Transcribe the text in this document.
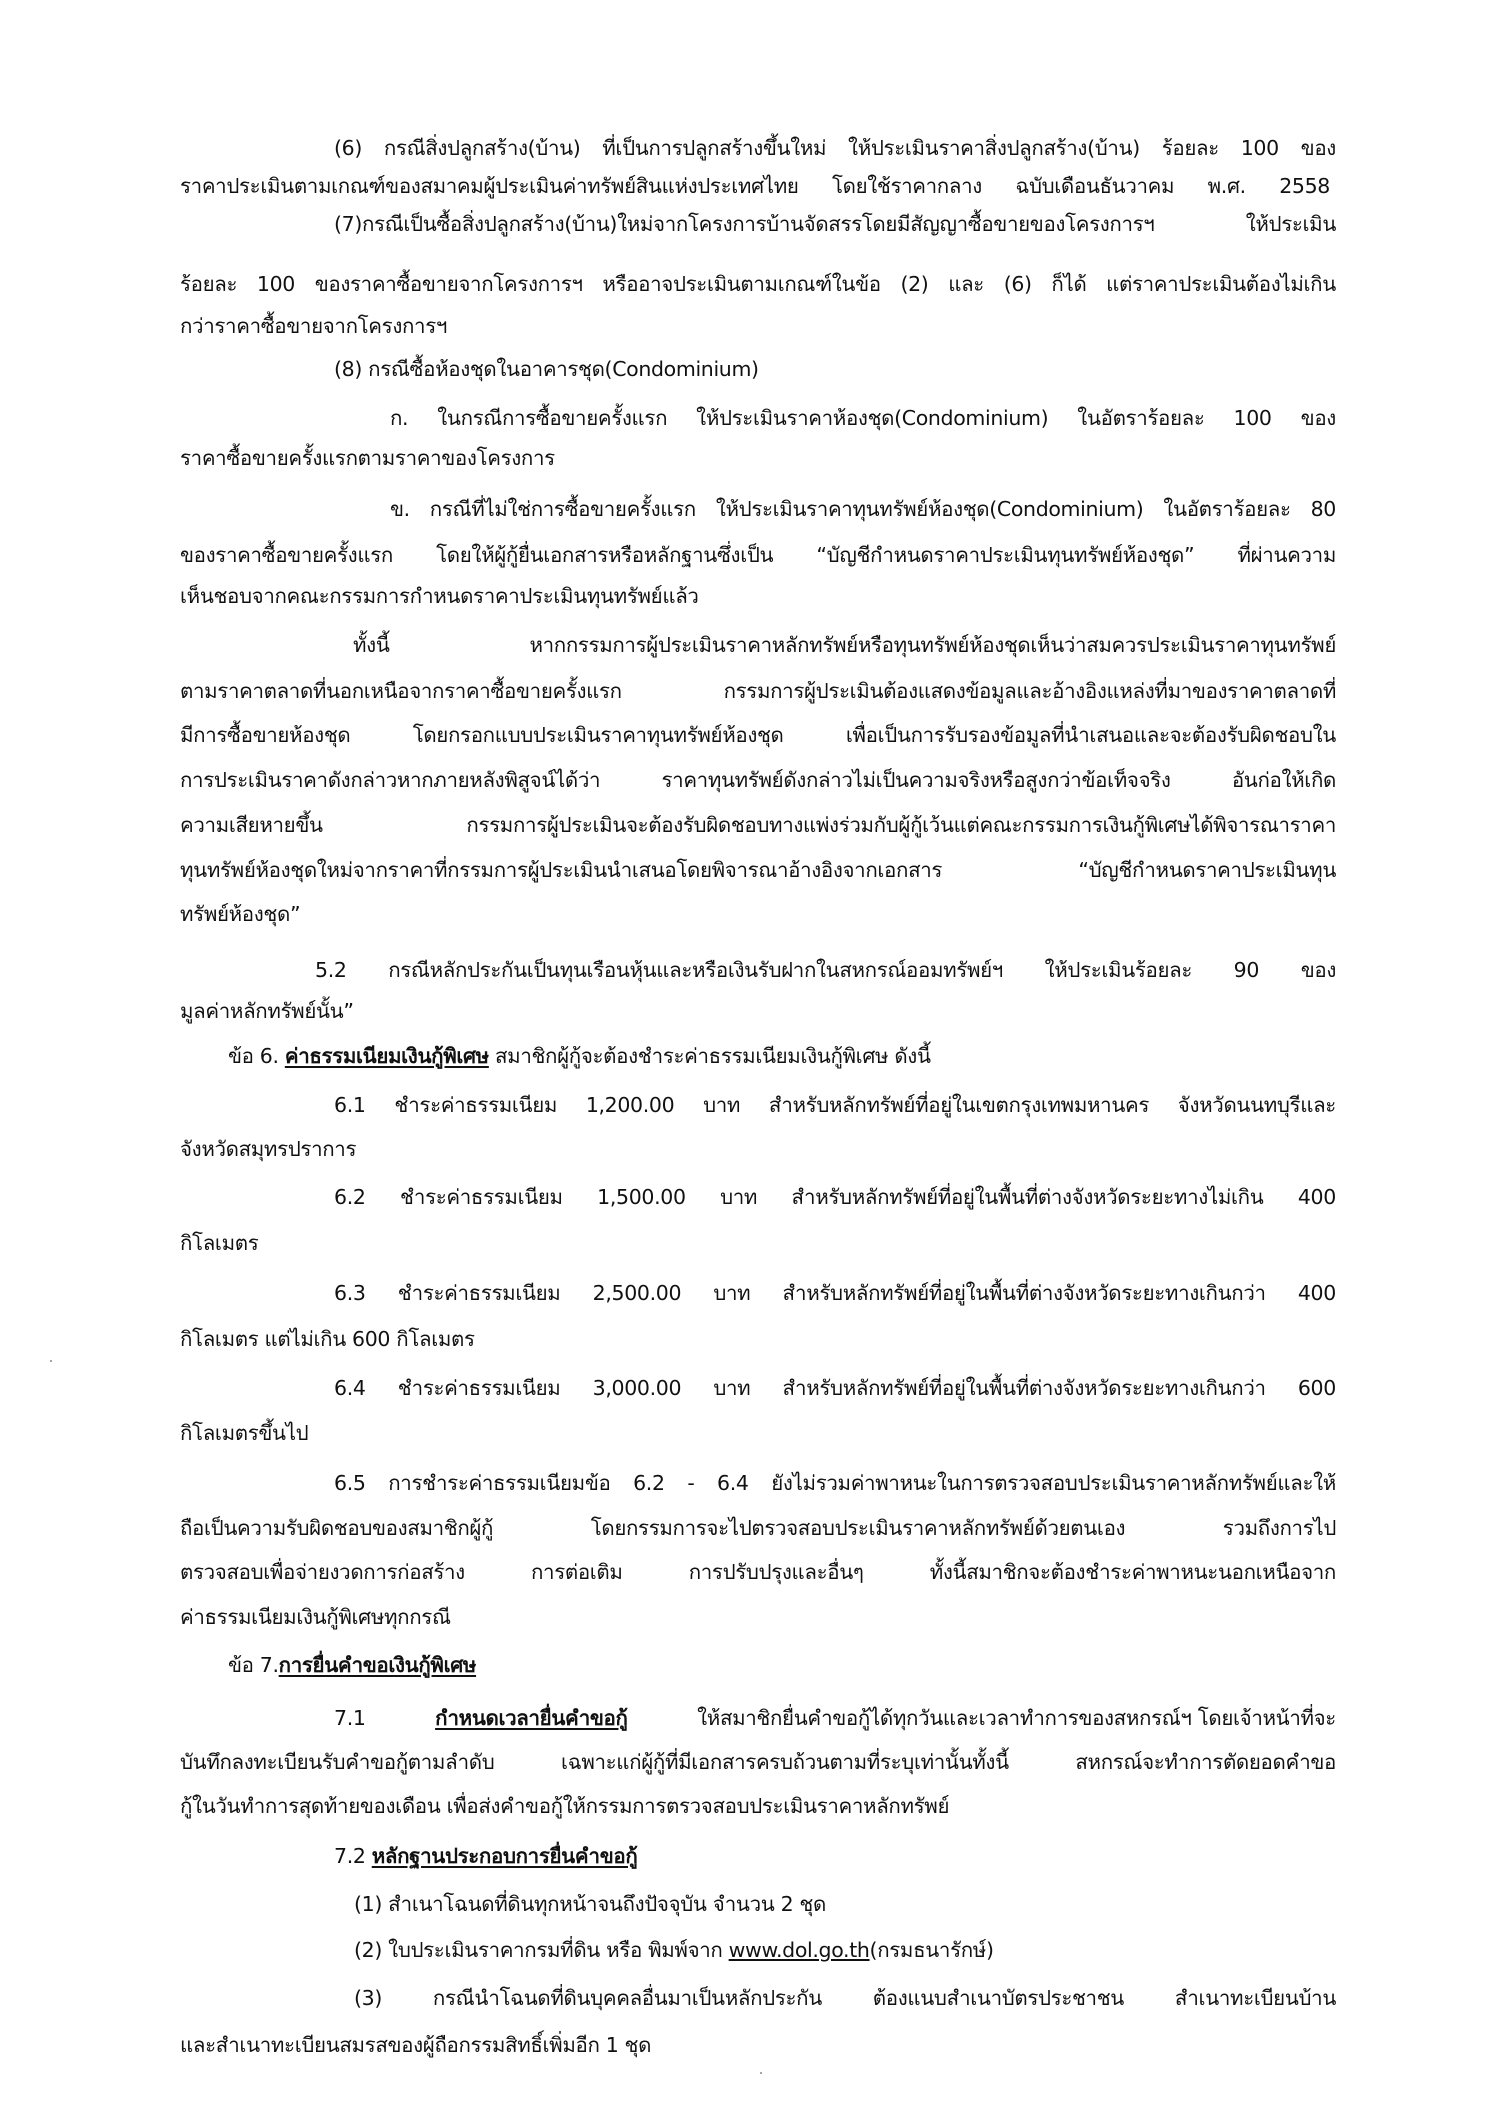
(6) กรณีสิ่งปลูกสร้าง(บ้าน) ที่เป็นการปลูกสร้างขึ้นใหม่ ให้ประเมินราคาสิ่งปลูกสร้าง(บ้าน) ร้อยละ 100 ของ
ราคาประเมินตามเกณฑ์ของสมาคมผู้ประเมินค่าทรัพย์สินแห่งประเทศไทย โดยใช้ราคากลาง ฉบับเดือนธันวาคม พ.ศ. 2558
(7)กรณีเป็นซื้อสิ่งปลูกสร้าง(บ้าน)ใหม่จากโครงการบ้านจัดสรรโดยมีสัญญาซื้อขายของโครงการฯ	ให้ประเมิน
ร้อยละ 100 ของราคาซื้อขายจากโครงการฯ หรืออาจประเมินตามเกณฑ์ในข้อ (2) และ (6) ก็ได้ แต่ราคาประเมินต้องไม่เกิน
กว่าราคาซื้อขายจากโครงการฯ
(8) กรณีซื้อห้องชุดในอาคารชุด(Condominium)
ก. ในกรณีการซื้อขายครั้งแรก ให้ประเมินราคาห้องชุด(Condominium) ในอัตราร้อยละ 100 ของ
ราคาซื้อขายครั้งแรกตามราคาของโครงการ
ข. กรณีที่ไม่ใช่การซื้อขายครั้งแรก ให้ประเมินราคาทุนทรัพย์ห้องชุด(Condominium) ในอัตราร้อยละ 80
ของราคาซื้อขายครั้งแรก โดยให้ผู้กู้ยื่นเอกสารหรือหลักฐานซึ่งเป็น “บัญชีกำหนดราคาประเมินทุนทรัพย์ห้องชุด” ที่ผ่านความ
เห็นชอบจากคณะกรรมการกำหนดราคาประเมินทุนทรัพย์แล้ว
ทั้งนี้	หากกรรมการผู้ประเมินราคาหลักทรัพย์หรือทุนทรัพย์ห้องชุดเห็นว่าสมควรประเมินราคาทุนทรัพย์
ตามราคาตลาดที่นอกเหนือจากราคาซื้อขายครั้งแรก	กรรมการผู้ประเมินต้องแสดงข้อมูลและอ้างอิงแหล่งที่มาของราคาตลาดที่
มีการซื้อขายห้องชุด	โดยกรอกแบบประเมินราคาทุนทรัพย์ห้องชุด	เพื่อเป็นการรับรองข้อมูลที่นำเสนอและจะต้องรับผิดชอบใน
การประเมินราคาดังกล่าวหากภายหลังพิสูจน์ได้ว่า	ราคาทุนทรัพย์ดังกล่าวไม่เป็นความจริงหรือสูงกว่าข้อเท็จจริง	อันก่อให้เกิด
ความเสียหายขึ้น	กรรมการผู้ประเมินจะต้องรับผิดชอบทางแพ่งร่วมกับผู้กู้เว้นแต่คณะกรรมการเงินกู้พิเศษได้พิจารณาราคา
ทุนทรัพย์ห้องชุดใหม่จากราคาที่กรรมการผู้ประเมินนำเสนอโดยพิจารณาอ้างอิงจากเอกสาร	“บัญชีกำหนดราคาประเมินทุน
ทรัพย์ห้องชุด”
5.2 กรณีหลักประกันเป็นทุนเรือนหุ้นและหรือเงินรับฝากในสหกรณ์ออมทรัพย์ฯ ให้ประเมินร้อยละ 90 ของ
มูลค่าหลักทรัพย์นั้น”
ข้อ 6. ค่าธรรมเนียมเงินกู้พิเศษ สมาชิกผู้กู้จะต้องชำระค่าธรรมเนียมเงินกู้พิเศษ ดังนี้
6.1 ชำระค่าธรรมเนียม 1,200.00 บาท สำหรับหลักทรัพย์ที่อยู่ในเขตกรุงเทพมหานคร จังหวัดนนทบุรีและ
จังหวัดสมุทรปราการ
6.2 ชำระค่าธรรมเนียม 1,500.00 บาท สำหรับหลักทรัพย์ที่อยู่ในพื้นที่ต่างจังหวัดระยะทางไม่เกิน 400
กิโลเมตร
6.3 ชำระค่าธรรมเนียม 2,500.00 บาท สำหรับหลักทรัพย์ที่อยู่ในพื้นที่ต่างจังหวัดระยะทางเกินกว่า 400
กิโลเมตร แต่ไม่เกิน 600 กิโลเมตร
6.4 ชำระค่าธรรมเนียม 3,000.00 บาท สำหรับหลักทรัพย์ที่อยู่ในพื้นที่ต่างจังหวัดระยะทางเกินกว่า 600
กิโลเมตรขึ้นไป
6.5 การชำระค่าธรรมเนียมข้อ 6.2 - 6.4 ยังไม่รวมค่าพาหนะในการตรวจสอบประเมินราคาหลักทรัพย์และให้
ถือเป็นความรับผิดชอบของสมาชิกผู้กู้	โดยกรรมการจะไปตรวจสอบประเมินราคาหลักทรัพย์ด้วยตนเอง	รวมถึงการไป
ตรวจสอบเพื่อจ่ายงวดการก่อสร้าง	การต่อเติม	การปรับปรุงและอื่นๆ	ทั้งนี้สมาชิกจะต้องชำระค่าพาหนะนอกเหนือจาก
ค่าธรรมเนียมเงินกู้พิเศษทุกกรณี
ข้อ 7.การยื่นคำขอเงินกู้พิเศษ
7.1	กำหนดเวลายื่นคำขอกู้	ให้สมาชิกยื่นคำขอกู้ได้ทุกวันและเวลาทำการของสหกรณ์ฯ โดยเจ้าหน้าที่จะ
บันทึกลงทะเบียนรับคำขอกู้ตามลำดับ	เฉพาะแก่ผู้กู้ที่มีเอกสารครบถ้วนตามที่ระบุเท่านั้นทั้งนี้	สหกรณ์จะทำการตัดยอดคำขอ
กู้ในวันทำการสุดท้ายของเดือน เพื่อส่งคำขอกู้ให้กรรมการตรวจสอบประเมินราคาหลักทรัพย์
7.2 หลักฐานประกอบการยื่นคำขอกู้
(1) สำเนาโฉนดที่ดินทุกหน้าจนถึงปัจจุบัน จำนวน 2 ชุด
(2) ใบประเมินราคากรมที่ดิน หรือ พิมพ์จาก www.dol.go.th(กรมธนารักษ์)
(3) กรณีนำโฉนดที่ดินบุคคลอื่นมาเป็นหลักประกัน ต้องแนบสำเนาบัตรประชาชน สำเนาทะเบียนบ้าน
และสำเนาทะเบียนสมรสของผู้ถือกรรมสิทธิ์เพิ่มอีก 1 ชุด
